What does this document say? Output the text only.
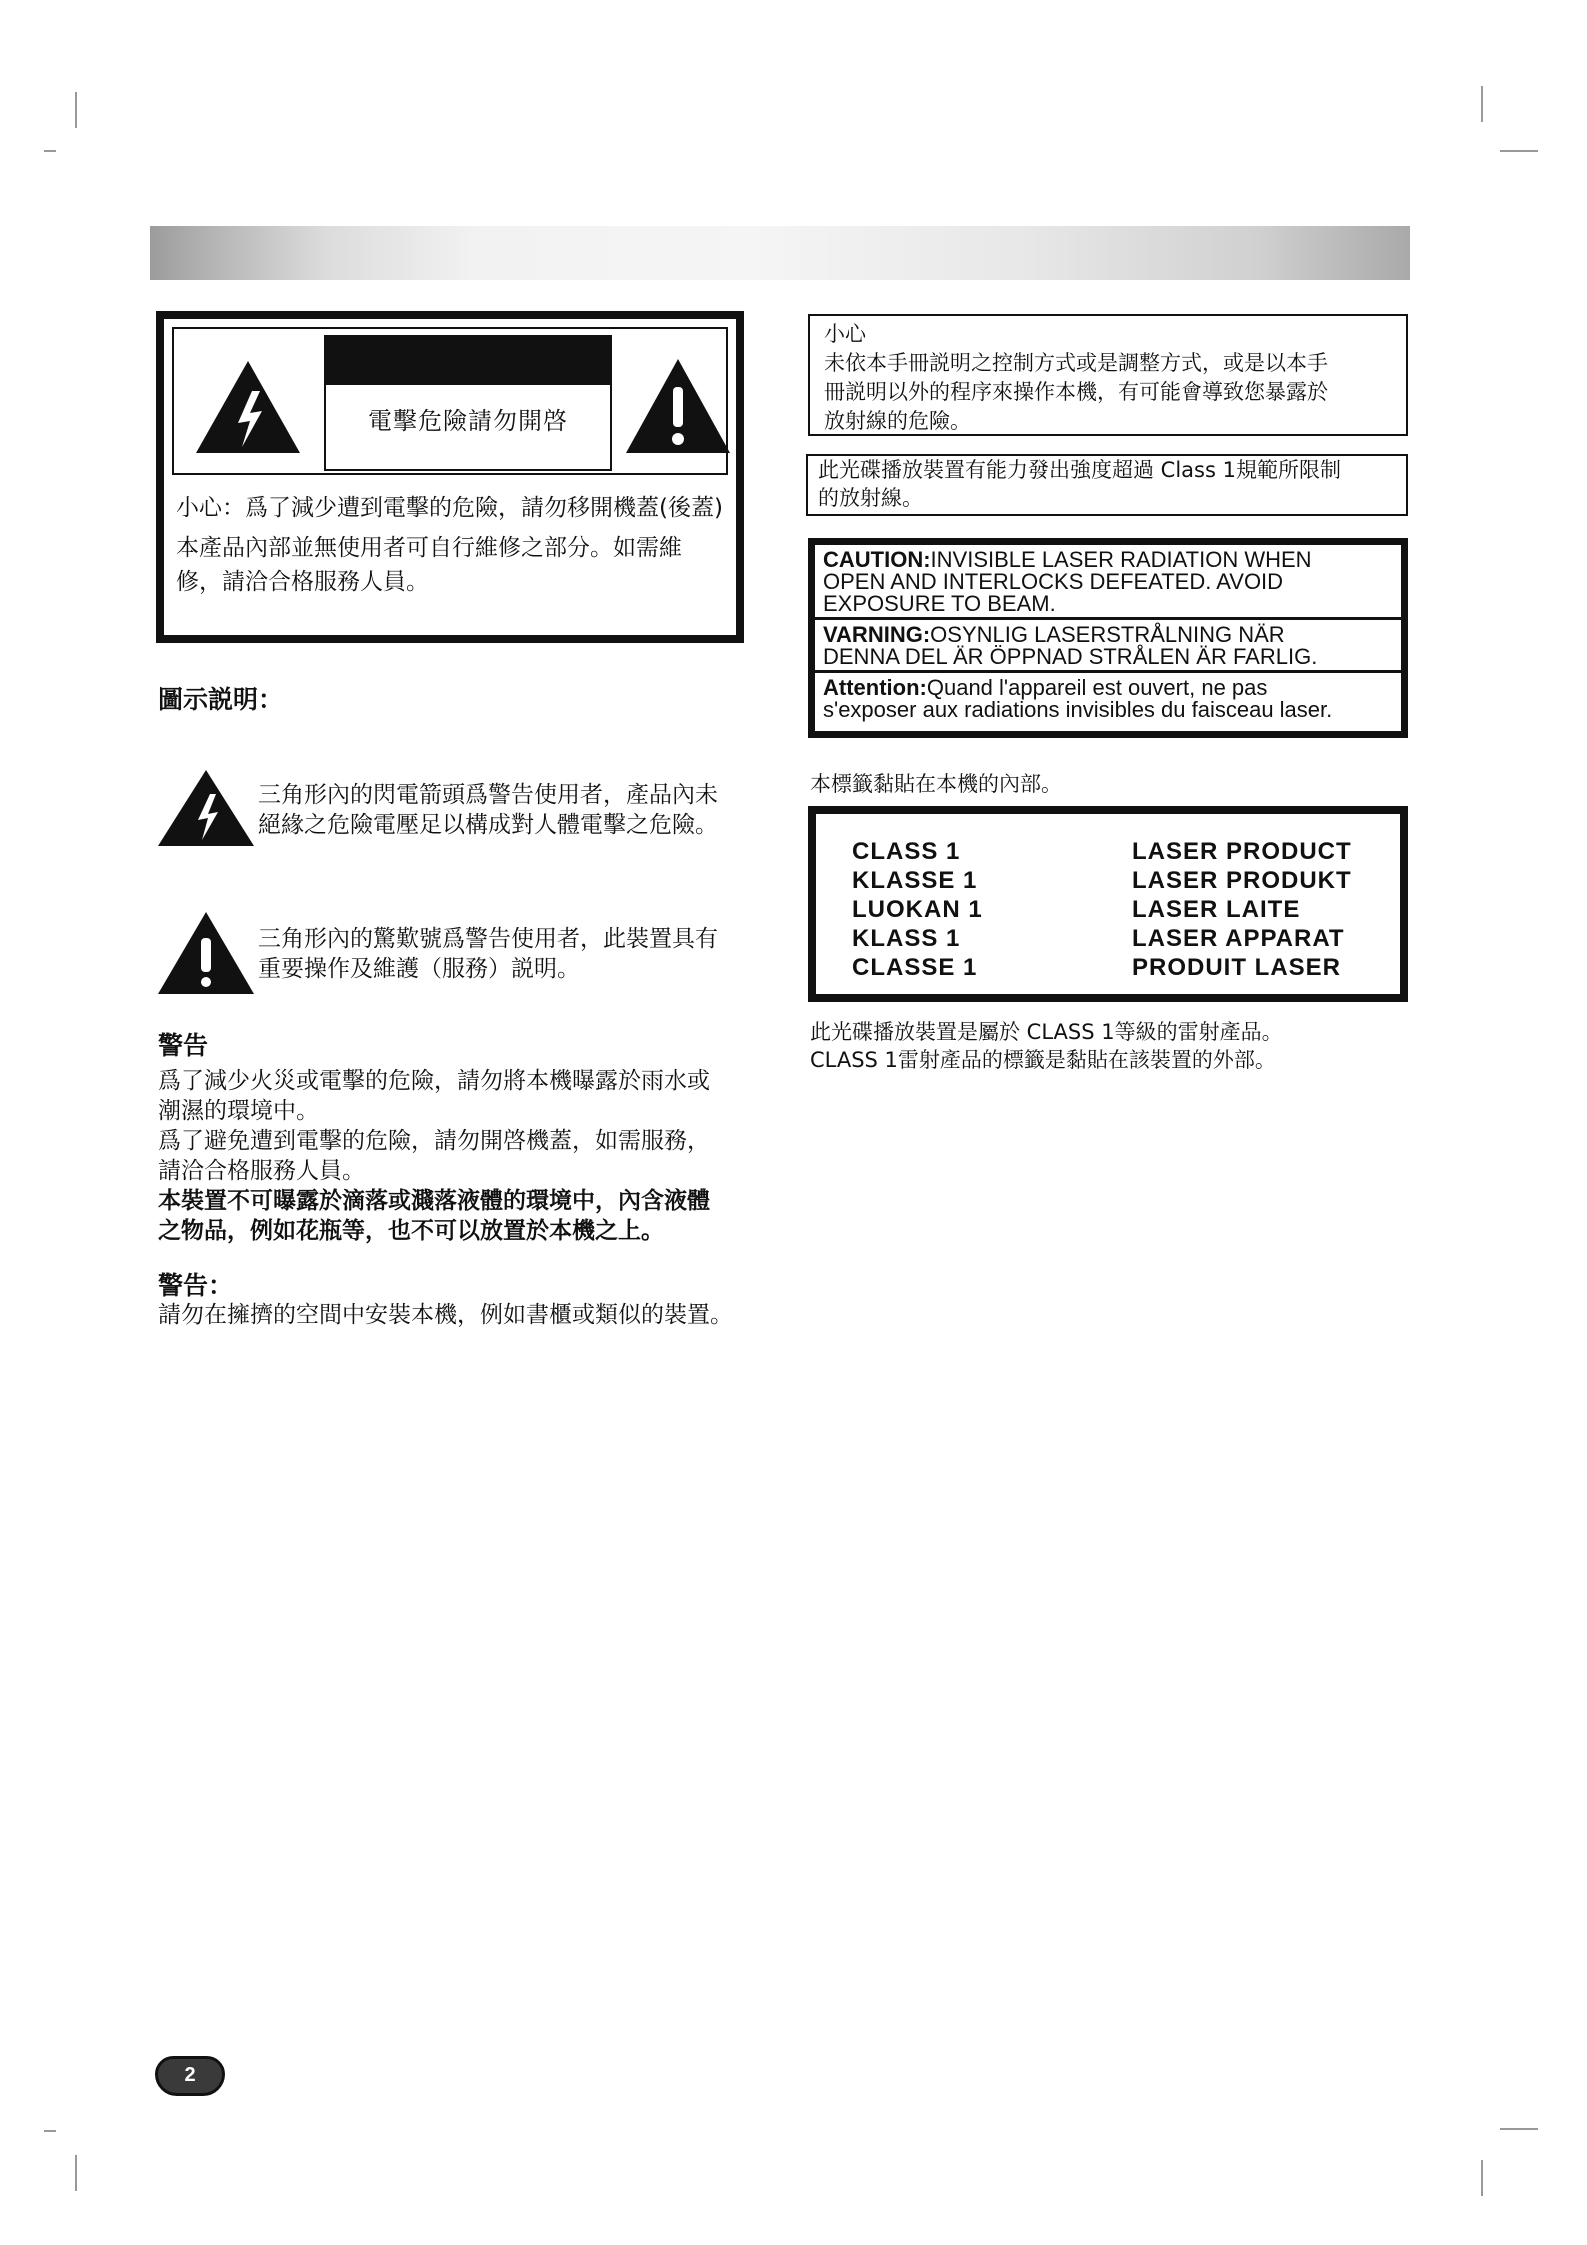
電擊危險請勿開啓

小心：爲了減少遭到電擊的危險，請勿移開機蓋(後蓋)

本產品內部並無使用者可自行維修之部分。如需維

修，請洽合格服務人員。

圖示説明：

三角形內的閃電箭頭爲警告使用者，產品內未

絕緣之危險電壓足以構成對人體電擊之危險。

三角形內的驚歎號爲警告使用者，此裝置具有

重要操作及維護（服務）説明。

警告

爲了減少火災或電擊的危險，請勿將本機曝露於雨水或

潮濕的環境中。

爲了避免遭到電擊的危險，請勿開啓機蓋，如需服務，

請洽合格服務人員。

本裝置不可曝露於滴落或濺落液體的環境中，內含液體

之物品，例如花瓶等，也不可以放置於本機之上。

警告：
請勿在擁擠的空間中安裝本機，例如書櫃或類似的裝置。

小心

未依本手冊説明之控制方式或是調整方式，或是以本手

冊説明以外的程序來操作本機，有可能會導致您暴露於

放射線的危險。

此光碟播放裝置有能力發出強度超過 Class 1規範所限制
的放射線。
CAUTION:INVISIBLE LASER RADIATION WHEN
OPEN AND INTERLOCKS DEFEATED. AVOID
EXPOSURE TO BEAM.
VARNING:OSYNLIG LASERSTRÅLNING NÄR
DENNA DEL ÄR ÖPPNAD STRÅLEN ÄR FARLIG.
Attention:Quand l'appareil est ouvert, ne pas
s'exposer aux radiations invisibles du faisceau laser.
本標籤黏貼在本機的內部。
CLASS 1	LASER PRODUCT
KLASSE 1	LASER PRODUKT
LUOKAN 1	LASER LAITE
KLASS 1	LASER APPARAT
CLASSE 1	PRODUIT LASER
此光碟播放裝置是屬於 CLASS 1等級的雷射產品。
CLASS 1雷射產品的標籤是黏貼在該裝置的外部。
2
